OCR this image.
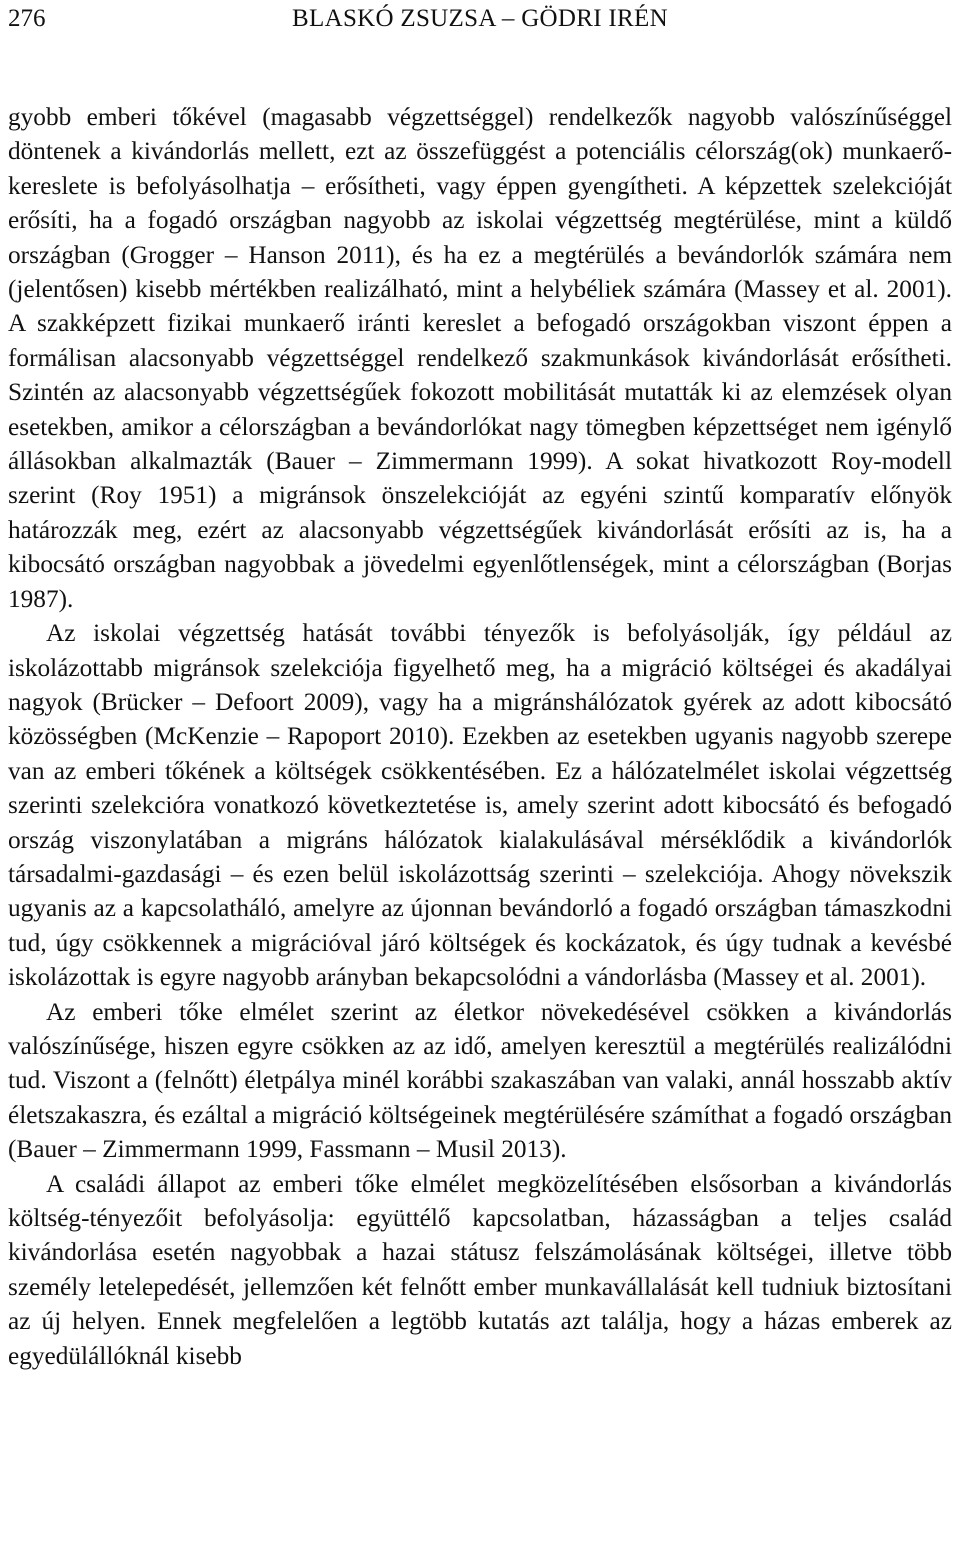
276	BLASKÓ ZSUZSA – GÖDRI IRÉN

gyobb emberi tőkével (magasabb végzettséggel) rendelkezők nagyobb valószínűséggel döntenek a kivándorlás mellett, ezt az összefüggést a potenciális célország(ok) munkaerő-kereslete is befolyásolhatja – erősítheti, vagy éppen gyengítheti. A képzettek szelekcióját erősíti, ha a fogadó országban nagyobb az iskolai végzettség megtérülése, mint a küldő országban (Grogger – Hanson 2011), és ha ez a megtérülés a bevándorlók számára nem (jelentősen) kisebb mértékben realizálható, mint a helybéliek számára (Massey et al. 2001). A szakképzett fizikai munkaerő iránti kereslet a befogadó országokban viszont éppen a formálisan alacsonyabb végzettséggel rendelkező szakmunkások kivándorlását erősítheti. Szintén az alacsonyabb végzettségűek fokozott mobilitását mutatták ki az elemzések olyan esetekben, amikor a célországban a bevándorlókat nagy tömegben képzettséget nem igénylő állásokban alkalmazták (Bauer – Zimmermann 1999). A sokat hivatkozott Roy-modell szerint (Roy 1951) a migránsok önszelekcióját az egyéni szintű komparatív előnyök határozzák meg, ezért az alacsonyabb végzettségűek kivándorlását erősíti az is, ha a kibocsátó országban nagyobbak a jövedelmi egyenlőtlenségek, mint a célországban (Borjas 1987).

Az iskolai végzettség hatását további tényezők is befolyásolják, így például az iskolázottabb migránsok szelekciója figyelhető meg, ha a migráció költségei és akadályai nagyok (Brücker – Defoort 2009), vagy ha a migránshálózatok gyérek az adott kibocsátó közösségben (McKenzie – Rapoport 2010). Ezekben az esetekben ugyanis nagyobb szerepe van az emberi tőkének a költségek csökkentésében. Ez a hálózatelmélet iskolai végzettség szerinti szelekcióra vonatkozó következtetése is, amely szerint adott kibocsátó és befogadó ország viszonylatában a migráns hálózatok kialakulásával mérséklődik a kivándorlók társadalmi-gazdasági – és ezen belül iskolázottság szerinti – szelekciója. Ahogy növekszik ugyanis az a kapcsolatháló, amelyre az újonnan bevándorló a fogadó országban támaszkodni tud, úgy csökkennek a migrációval járó költségek és kockázatok, és úgy tudnak a kevésbé iskolázottak is egyre nagyobb arányban bekapcsolódni a vándorlásba (Massey et al. 2001).

Az emberi tőke elmélet szerint az életkor növekedésével csökken a kivándorlás valószínűsége, hiszen egyre csökken az az idő, amelyen keresztül a megtérülés realizálódni tud. Viszont a (felnőtt) életpálya minél korábbi szakaszában van valaki, annál hosszabb aktív életszakaszra, és ezáltal a migráció költségeinek megtérülésére számíthat a fogadó országban (Bauer – Zimmermann 1999, Fassmann – Musil 2013).

A családi állapot az emberi tőke elmélet megközelítésében elsősorban a kivándorlás költség-tényezőit befolyásolja: együttélő kapcsolatban, házasságban a teljes család kivándorlása esetén nagyobbak a hazai státusz felszámolásának költségei, illetve több személy letelepedését, jellemzően két felnőtt ember munkavállalását kell tudniuk biztosítani az új helyen. Ennek megfelelően a legtöbb kutatás azt találja, hogy a házas emberek az egyedülállóknál kisebb
